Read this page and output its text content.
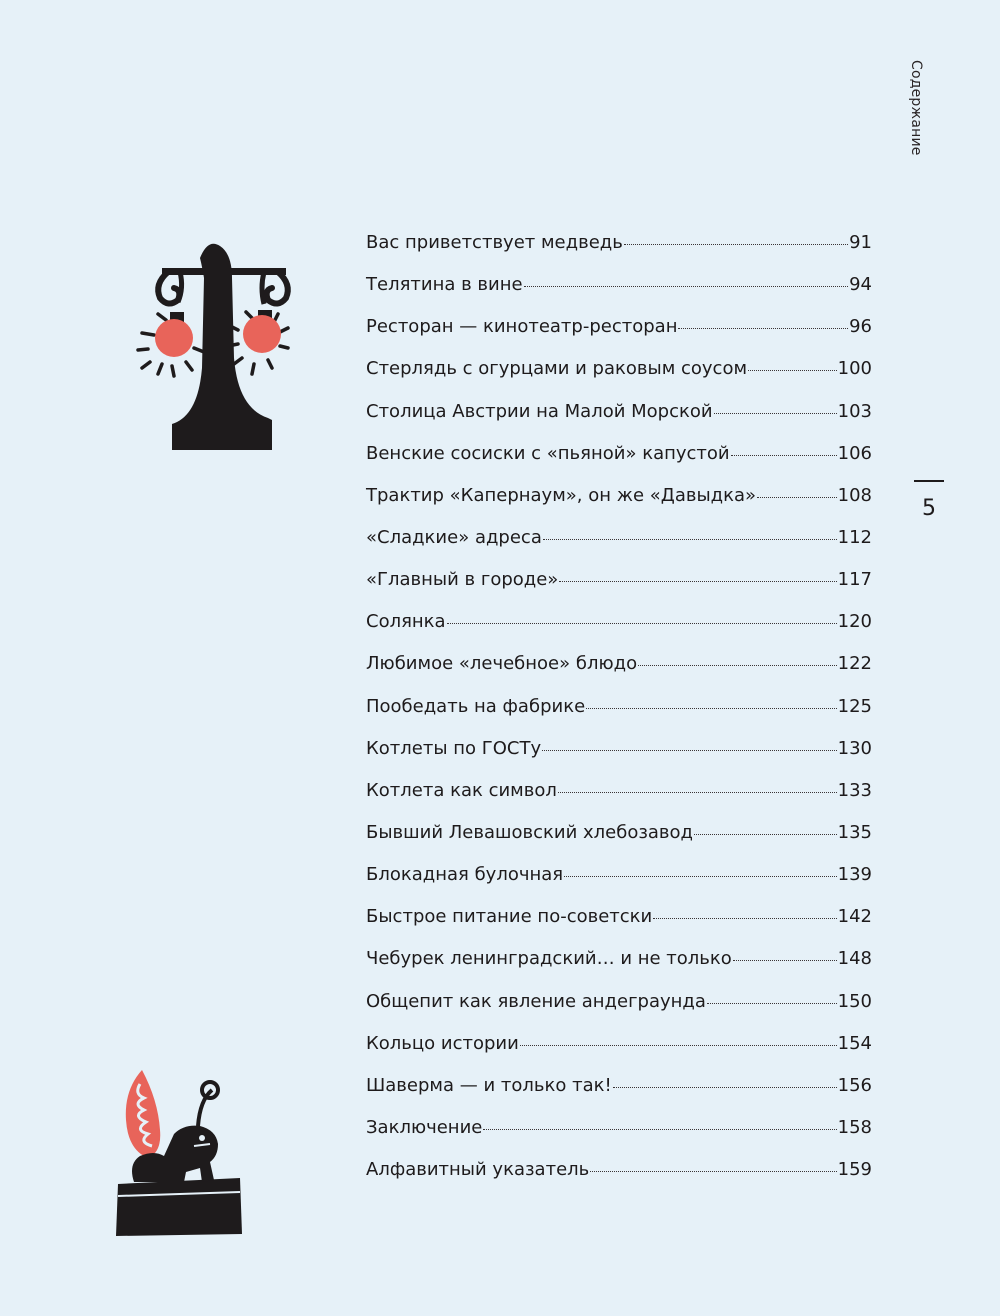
Содержание
5
Вас приветствует медведь	91
Телятина в вине	94
Ресторан — кинотеатр-ресторан	96
Стерлядь с огурцами и раковым соусом	100
Столица Австрии на Малой Морской	103
Венские сосиски с «пьяной» капустой	106
Трактир «Капернаум», он же «Давыдка»	108
«Сладкие» адреса	112
«Главный в городе»	117
Солянка	120
Любимое «лечебное» блюдо	122
Пообедать на фабрике	125
Котлеты по ГОСТу	130
Котлета как символ	133
Бывший Левашовский хлебозавод	135
Блокадная булочная	139
Быстрое питание по-советски	142
Чебурек ленинградский… и не только	148
Общепит как явление андеграунда	150
Кольцо истории	154
Шаверма — и только так!	156
Заключение	158
Алфавитный указатель	159
